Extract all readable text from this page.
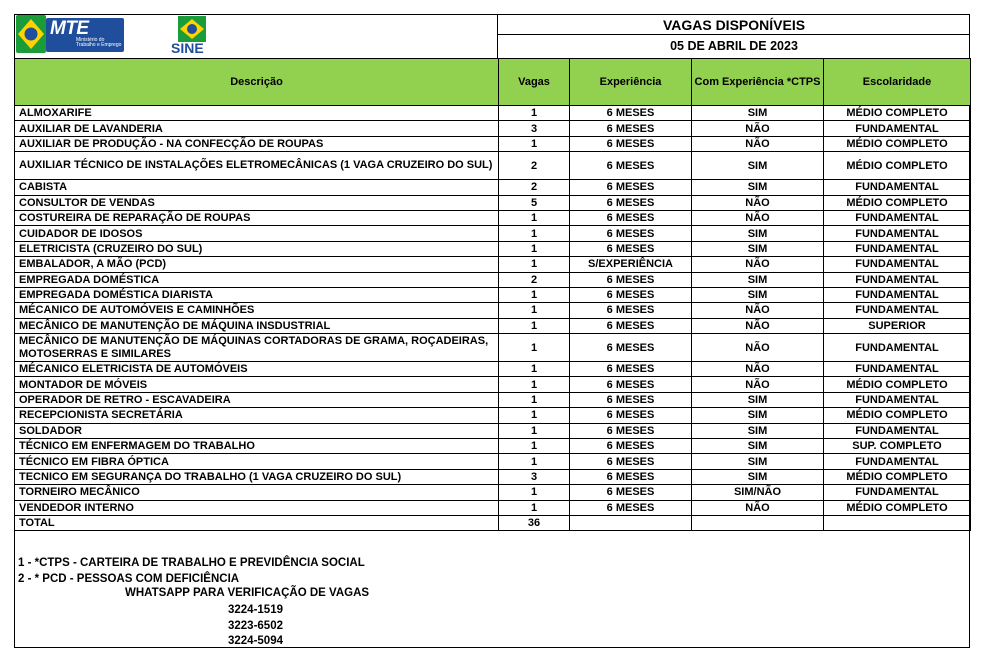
MTE
Ministério do Trabalho e Emprego	SINE
VAGAS DISPONÍVEIS
05 DE ABRIL DE 2023
Descrição	Vagas	Experiência	Com Experiência *CTPS	Escolaridade
ALMOXARIFE	1	6 MESES	SIM	MÉDIO COMPLETO
AUXILIAR DE LAVANDERIA	3	6 MESES	NÃO	FUNDAMENTAL
AUXILIAR DE PRODUÇÃO - NA CONFECÇÃO DE ROUPAS	1	6 MESES	NÃO	MÉDIO COMPLETO
AUXILIAR TÉCNICO DE INSTALAÇÕES ELETROMECÂNICAS (1 VAGA CRUZEIRO DO SUL)	2	6 MESES	SIM	MÉDIO COMPLETO
CABISTA	2	6 MESES	SIM	FUNDAMENTAL
CONSULTOR DE VENDAS	5	6 MESES	NÃO	MÉDIO COMPLETO
COSTUREIRA DE REPARAÇÃO DE ROUPAS	1	6 MESES	NÃO	FUNDAMENTAL
CUIDADOR DE IDOSOS	1	6 MESES	SIM	FUNDAMENTAL
ELETRICISTA (CRUZEIRO DO SUL)	1	6 MESES	SIM	FUNDAMENTAL
EMBALADOR, A MÃO (PCD)	1	S/EXPERIÊNCIA	NÃO	FUNDAMENTAL
EMPREGADA DOMÉSTICA	2	6 MESES	SIM	FUNDAMENTAL
EMPREGADA DOMÉSTICA DIARISTA	1	6 MESES	SIM	FUNDAMENTAL
MÉCANICO DE AUTOMÓVEIS E CAMINHÕES	1	6 MESES	NÃO	FUNDAMENTAL
MECÂNICO DE MANUTENÇÃO DE MÁQUINA INSDUSTRIAL	1	6 MESES	NÃO	SUPERIOR
MECÂNICO DE MANUTENÇÃO DE MÁQUINAS CORTADORAS DE GRAMA, ROÇADEIRAS, MOTOSERRAS E SIMILARES	1	6 MESES	NÃO	FUNDAMENTAL
MÉCANICO ELETRICISTA DE AUTOMÓVEIS	1	6 MESES	NÃO	FUNDAMENTAL
MONTADOR DE MÓVEIS	1	6 MESES	NÃO	MÉDIO COMPLETO
OPERADOR DE RETRO - ESCAVADEIRA	1	6 MESES	SIM	FUNDAMENTAL
RECEPCIONISTA SECRETÁRIA	1	6 MESES	SIM	MÉDIO COMPLETO
SOLDADOR	1	6 MESES	SIM	FUNDAMENTAL
TÉCNICO EM ENFERMAGEM DO TRABALHO	1	6 MESES	SIM	SUP. COMPLETO
TÉCNICO EM FIBRA ÓPTICA	1	6 MESES	SIM	FUNDAMENTAL
TECNICO EM SEGURANÇA DO TRABALHO (1 VAGA CRUZEIRO DO SUL)	3	6 MESES	SIM	MÉDIO COMPLETO
TORNEIRO MECÂNICO	1	6 MESES	SIM/NÃO	FUNDAMENTAL
VENDEDOR INTERNO	1	6 MESES	NÃO	MÉDIO COMPLETO
TOTAL	36			
1 - *CTPS - CARTEIRA DE TRABALHO E PREVIDÊNCIA SOCIAL
2 - * PCD - PESSOAS COM DEFICIÊNCIA
WHATSAPP PARA VERIFICAÇÃO DE VAGAS
3224-1519
3223-6502
3224-5094
